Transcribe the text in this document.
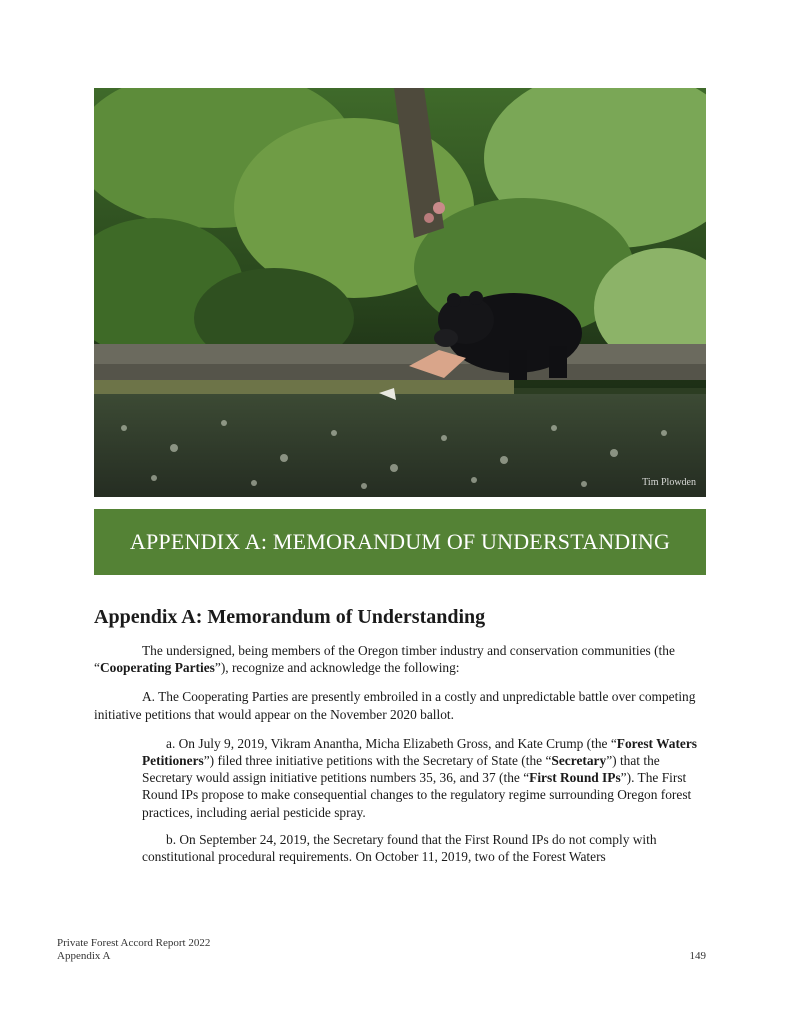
Tim Plowden
APPENDIX A: MEMORANDUM OF UNDERSTANDING
Appendix A: Memorandum of Understanding

The undersigned, being members of the Oregon timber industry and conservation communities (the “Cooperating Parties”), recognize and acknowledge the following:

A. The Cooperating Parties are presently embroiled in a costly and unpredictable battle over competing initiative petitions that would appear on the November 2020 ballot.

a. On July 9, 2019, Vikram Anantha, Micha Elizabeth Gross, and Kate Crump (the “Forest Waters Petitioners”) filed three initiative petitions with the Secretary of State (the “Secretary”) that the Secretary would assign initiative petitions numbers 35, 36, and 37 (the “First Round IPs”). The First Round IPs propose to make consequential changes to the regulatory regime surrounding Oregon forest practices, including aerial pesticide spray.

b. On September 24, 2019, the Secretary found that the First Round IPs do not comply with constitutional procedural requirements. On October 11, 2019, two of the Forest Waters

Private Forest Accord Report 2022
Appendix A	149
